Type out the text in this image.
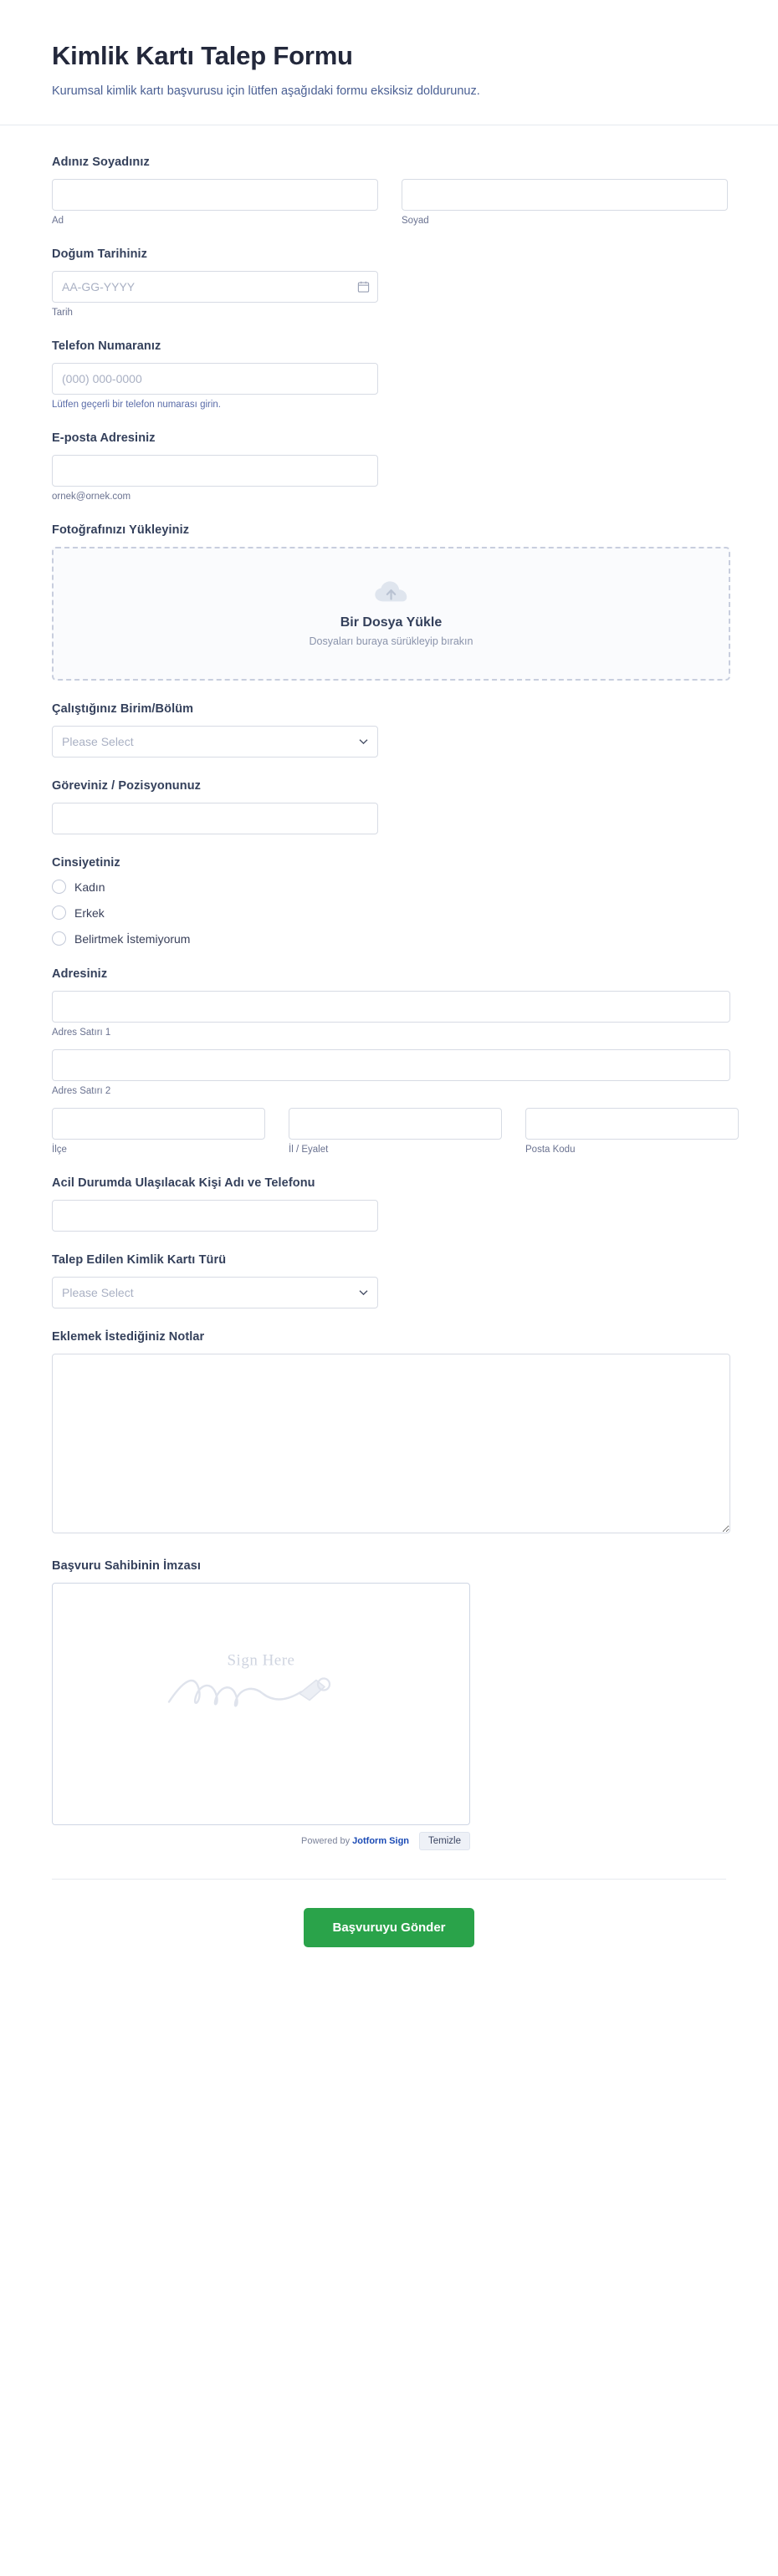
Kimlik Kartı Talep Formu

Kurumsal kimlik kartı başvurusu için lütfen aşağıdaki formu eksiksiz doldurunuz.

Adınız Soyadınız
Ad	Soyad
Doğum Tarihiniz
AA-GG-YYYY
Tarih
Telefon Numaranız
(000) 000-0000
Lütfen geçerli bir telefon numarası girin.
E-posta Adresiniz
ornek@ornek.com
Fotoğrafınızı Yükleyiniz
Bir Dosya Yükle
Dosyaları buraya sürükleyip bırakın
Çalıştığınız Birim/Bölüm
Please Select
Göreviniz / Pozisyonunuz
Cinsiyetiniz
Kadın
Erkek
Belirtmek İstemiyorum
Adresiniz
Adres Satırı 1
Adres Satırı 2
İlçe	İl / Eyalet	Posta Kodu
Acil Durumda Ulaşılacak Kişi Adı ve Telefonu
Talep Edilen Kimlik Kartı Türü
Please Select
Eklemek İstediğiniz Notlar
Başvuru Sahibinin İmzası
Sign Here
Powered by Jotform Sign	Temizle
Başvuruyu Gönder
